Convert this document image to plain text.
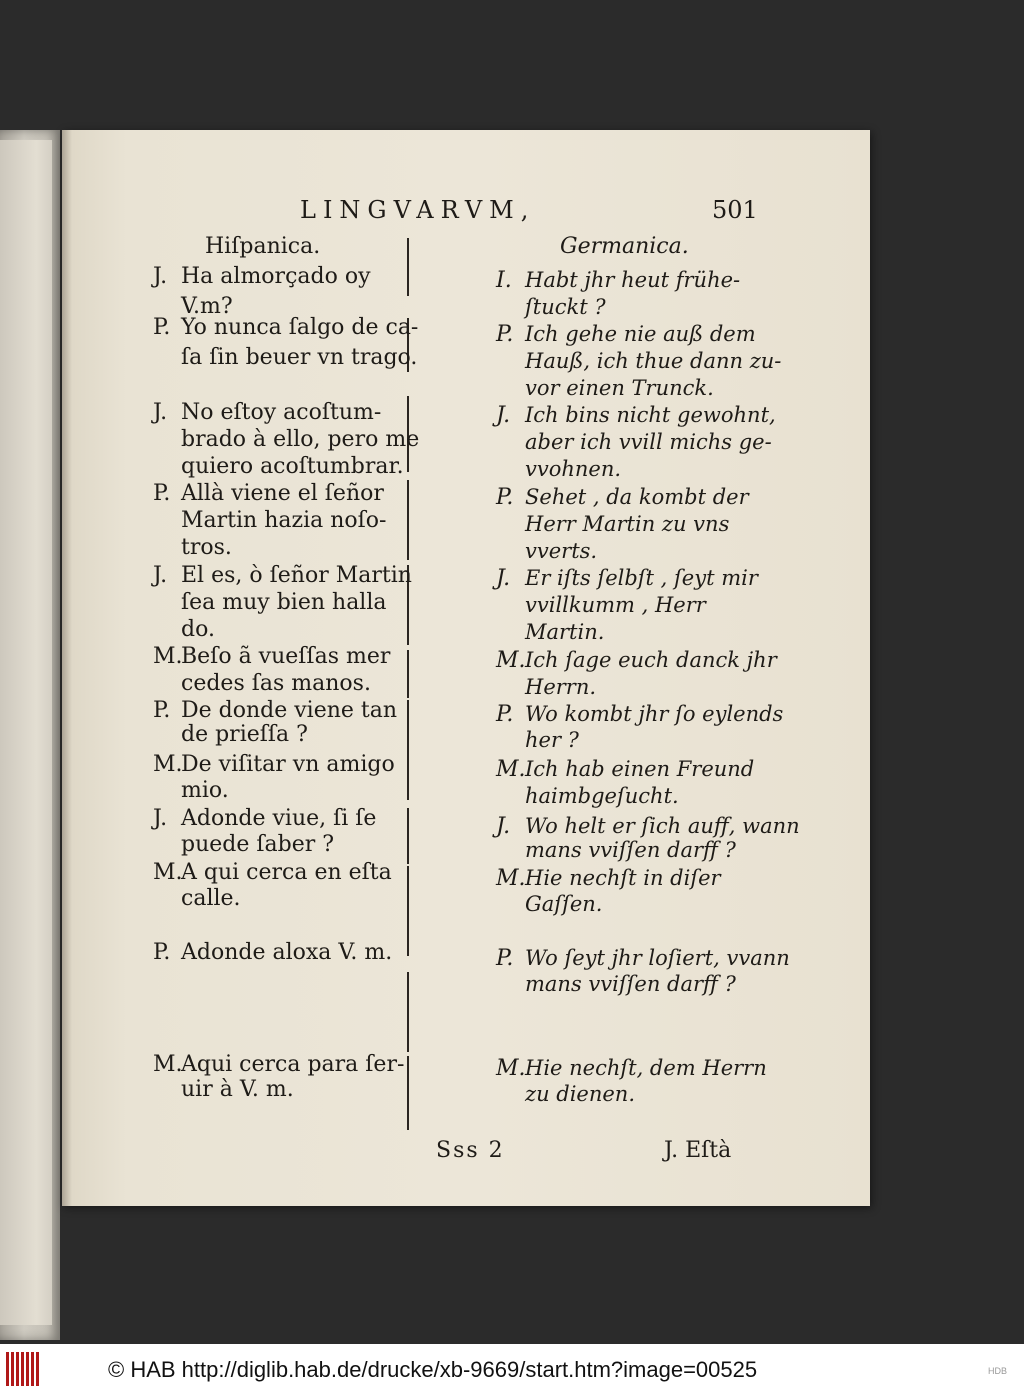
LINGVARVM,	501
Hiſpanica.	Germanica.
J. Ha almorçado oy
V.m?
P. Yo nunca ſalgo de ca-
ſa ſin beuer vn trago.
J. No eſtoy acoſtum-
brado à ello, pero me
quiero acoſtumbrar.
P. Allà viene el ſeñor
Martin hazia noſo-
tros.
J. El es, ò ſeñor Martin
ſea muy bien halla
do.
M.
Beſo ã vueſſas mer
cedes ſas manos.
P. De donde viene tan
de prieſſa ?
M.
De viſitar vn amigo
mio.
J. Adonde viue, ſi ſe
puede ſaber ?
M.
A qui cerca en eſta
calle.
P. Adonde aloxa V. m.
M.
Aqui cerca para ſer-
uir à V. m.
I. Habt jhr heut frühe-
ſtuckt ?
P. Ich gehe nie auß dem
Hauß, ich thue dann zu-
vor einen Trunck.
J. Ich bins nicht gewohnt,
aber ich vvill michs ge-
vvohnen.
P. Sehet , da kombt der
Herr Martin zu vns
vverts.
J. Er iſts ſelbſt , ſeyt mir
vvillkumm , Herr
Martin.
M. Ich ſage euch danck jhr
Herrn.
P. Wo kombt jhr ſo eylends
her ?
M. Ich hab einen Freund
haimbgeſucht.
J. Wo helt er ſich auff, wann
mans vviſſen darff ?
M. Hie nechſt in diſer
Gaſſen.
P. Wo ſeyt jhr loſiert, vvann
mans vviſſen darff ?
M. Hie nechſt, dem Herrn
zu dienen.
Sss 2	J. Eſtà
© HAB http://diglib.hab.de/drucke/xb-9669/start.htm?image=00525	HDB
